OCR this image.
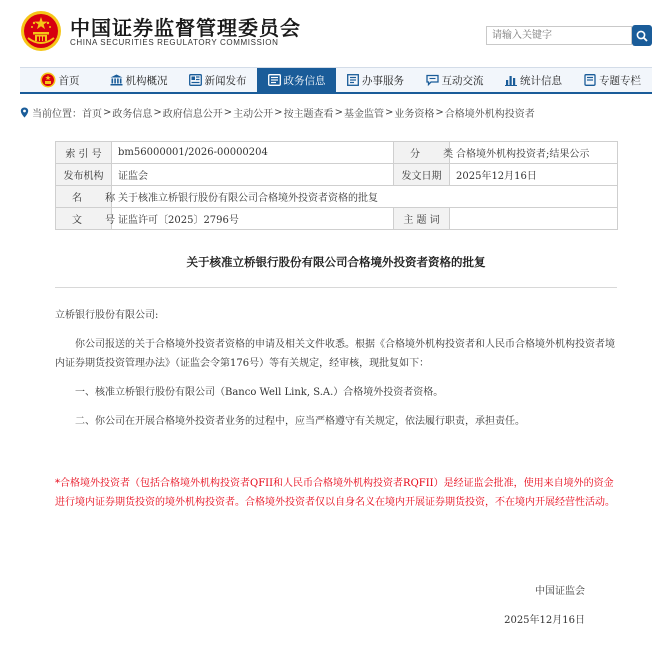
中国证券监督管理委员会
CHINA SECURITIES REGULATORY COMMISSION
请输入关键字
首页	机构概况	新闻发布	政务信息	办事服务	互动交流	统计信息	专题专栏
当前位置： 首页 > 政务信息 > 政府信息公开 > 主动公开 > 按主题查看 > 基金监管 > 业务资格 > 合格境外机构投资者
索 引 号	bm56000001/2026-00000204	分 类	合格境外机构投资者;结果公示
发布机构	证监会	发文日期	2025年12月16日
名 称	关于核准立桥银行股份有限公司合格境外投资者资格的批复		
文 号	证监许可〔2025〕2796号	主 题 词	
关于核准立桥银行股份有限公司合格境外投资者资格的批复
立桥银行股份有限公司:
你公司报送的关于合格境外投资者资格的申请及相关文件收悉。根据《合格境外机构投资者和人民币合格境外机构投资者境内证券期货投资管理办法》（证监会令第176号）等有关规定，经审核，现批复如下：
一、核准立桥银行股份有限公司（Banco Well Link, S.A.）合格境外投资者资格。
二、你公司在开展合格境外投资者业务的过程中，应当严格遵守有关规定，依法履行职责，承担责任。
*合格境外投资者（包括合格境外机构投资者QFII和人民币合格境外机构投资者RQFII）是经证监会批准，使用来自境外的资金进行境内证券期货投资的境外机构投资者。合格境外投资者仅以自身名义在境内开展证券期货投资，不在境内开展经营性活动。
中国证监会
2025年12月16日
